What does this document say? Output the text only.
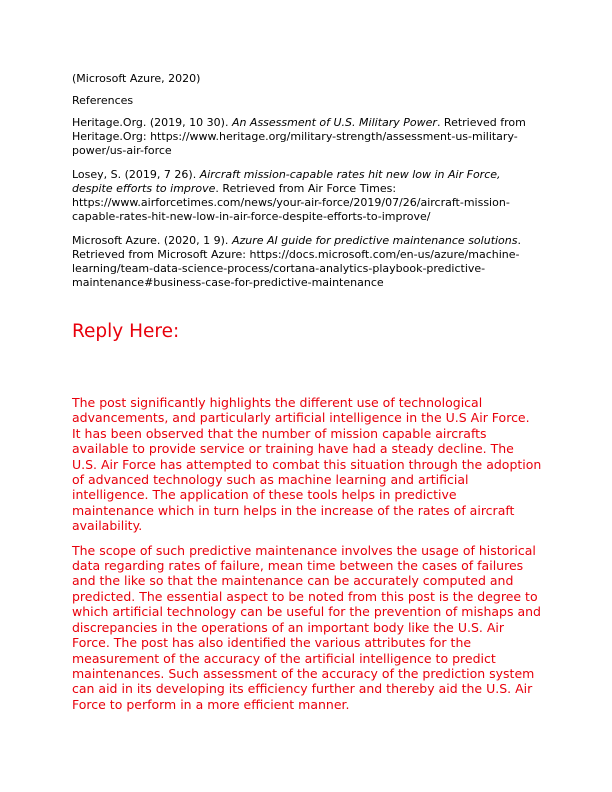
(Microsoft Azure, 2020)

References

Heritage.Org. (2019, 10 30). An Assessment of U.S. Military Power. Retrieved from Heritage.Org: https://www.heritage.org/military-strength/assessment-us-military-power/us-air-force

Losey, S. (2019, 7 26). Aircraft mission-capable rates hit new low in Air Force, despite efforts to improve. Retrieved from Air Force Times: https://www.airforcetimes.com/news/your-air-force/2019/07/26/aircraft-mission-capable-rates-hit-new-low-in-air-force-despite-efforts-to-improve/

Microsoft Azure. (2020, 1 9). Azure AI guide for predictive maintenance solutions. Retrieved from Microsoft Azure: https://docs.microsoft.com/en-us/azure/machine-learning/team-data-science-process/cortana-analytics-playbook-predictive-maintenance#business-case-for-predictive-maintenance

Reply Here:

The post significantly highlights the different use of technological advancements, and particularly artificial intelligence in the U.S Air Force. It has been observed that the number of mission capable aircrafts available to provide service or training have had a steady decline. The U.S. Air Force has attempted to combat this situation through the adoption of advanced technology such as machine learning and artificial intelligence. The application of these tools helps in predictive maintenance which in turn helps in the increase of the rates of aircraft availability.

The scope of such predictive maintenance involves the usage of historical data regarding rates of failure, mean time between the cases of failures and the like so that the maintenance can be accurately computed and predicted. The essential aspect to be noted from this post is the degree to which artificial technology can be useful for the prevention of mishaps and discrepancies in the operations of an important body like the U.S. Air Force. The post has also identified the various attributes for the measurement of the accuracy of the artificial intelligence to predict maintenances. Such assessment of the accuracy of the prediction system can aid in its developing its efficiency further and thereby aid the U.S. Air Force to perform in a more efficient manner.
